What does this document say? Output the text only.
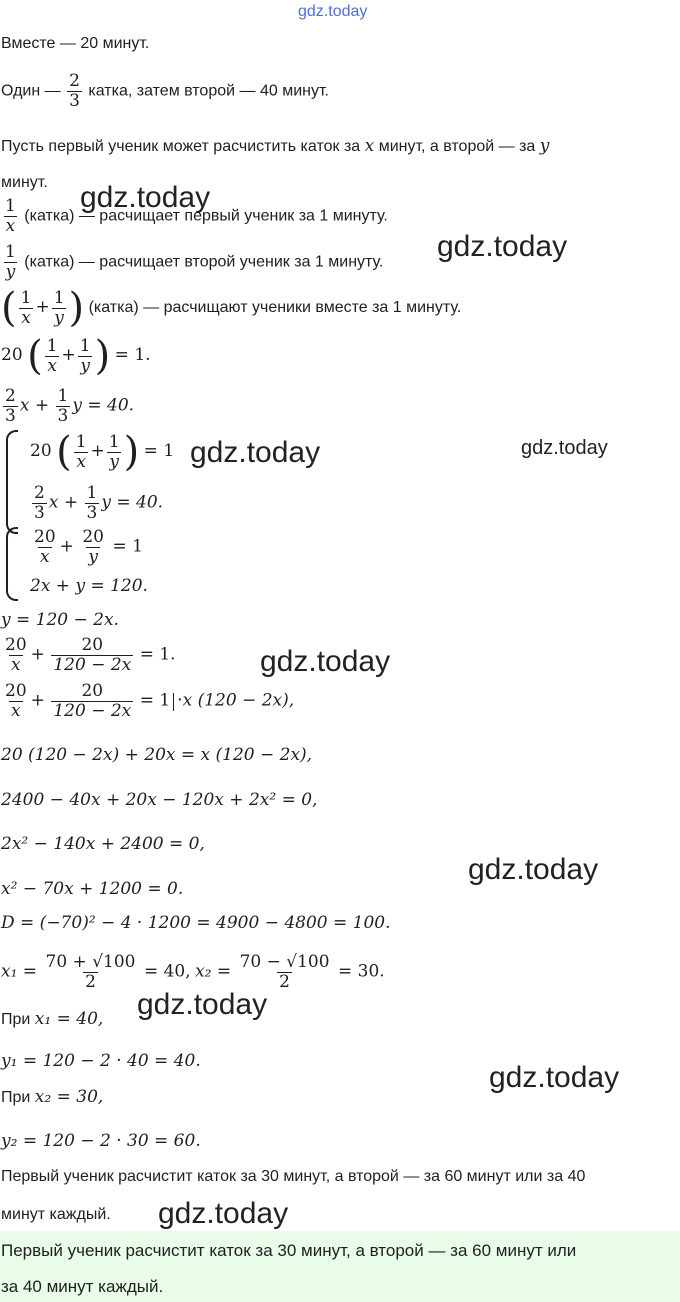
gdz.today
Вместе — 20 минут.
Один — $\frac{2}{3}$ катка, затем второй — 40 минут.
Пусть первый ученик может расчистить каток за x минут, а второй — за y
минут.
$\frac{1}{x}$ (катка) — расчищает первый ученик за 1 минуту.
$\frac{1}{y}$ (катка) — расчищает второй ученик за 1 минуту.
( $\frac{1}{x} + \frac{1}{y}$ ) (катка) — расчищают ученики вместе за 1 минуту.
20 ( $\frac{1}{x} + \frac{1}{y}$ ) = 1.
$\frac{2}{3}$ $x + \frac{1}{3}$ y = 40.
20 ( $\frac{1}{x} + \frac{1}{y}$ ) = 1
$\frac{2}{3}$ $x + \frac{1}{3}$ y = 40.
$\frac{20}{x} + \frac{20}{y} = 1$
2x + y = 120.
y = 120 − 2x.
$\frac{20}{x} + \frac{20}{120 - 2x} = 1$.
$\frac{20}{x} + \frac{20}{120 - 2x} = 1 \cdot x$ (120 − 2x),
20 (120 − 2x) + 20x = x (120 − 2x),
2400 − 40x + 20x − 120x + 2x² = 0,
2x² − 140x + 2400 = 0,
x² − 70x + 1200 = 0.
D = (−70)² − 4 · 1200 = 4900 − 4800 = 100.
$x_1 = \frac{70 + √100}{2} = 40$, $x_2 = \frac{70 - √100}{2} = 30$.
При x₁ = 40,
y₁ = 120 − 2 · 40 = 40.
При x₂ = 30,
y₂ = 120 − 2 · 30 = 60.
Первый ученик расчистит каток за 30 минут, а второй — за 60 минут или за 40
минут каждый.
Первый ученик расчистит каток за 30 минут, а второй — за 60 минут или
за 40 минут каждый.
gdz.today
gdz.today
gdz.today	gdz.today
gdz.today
gdz.today
gdz.today
gdz.today
gdz.today
